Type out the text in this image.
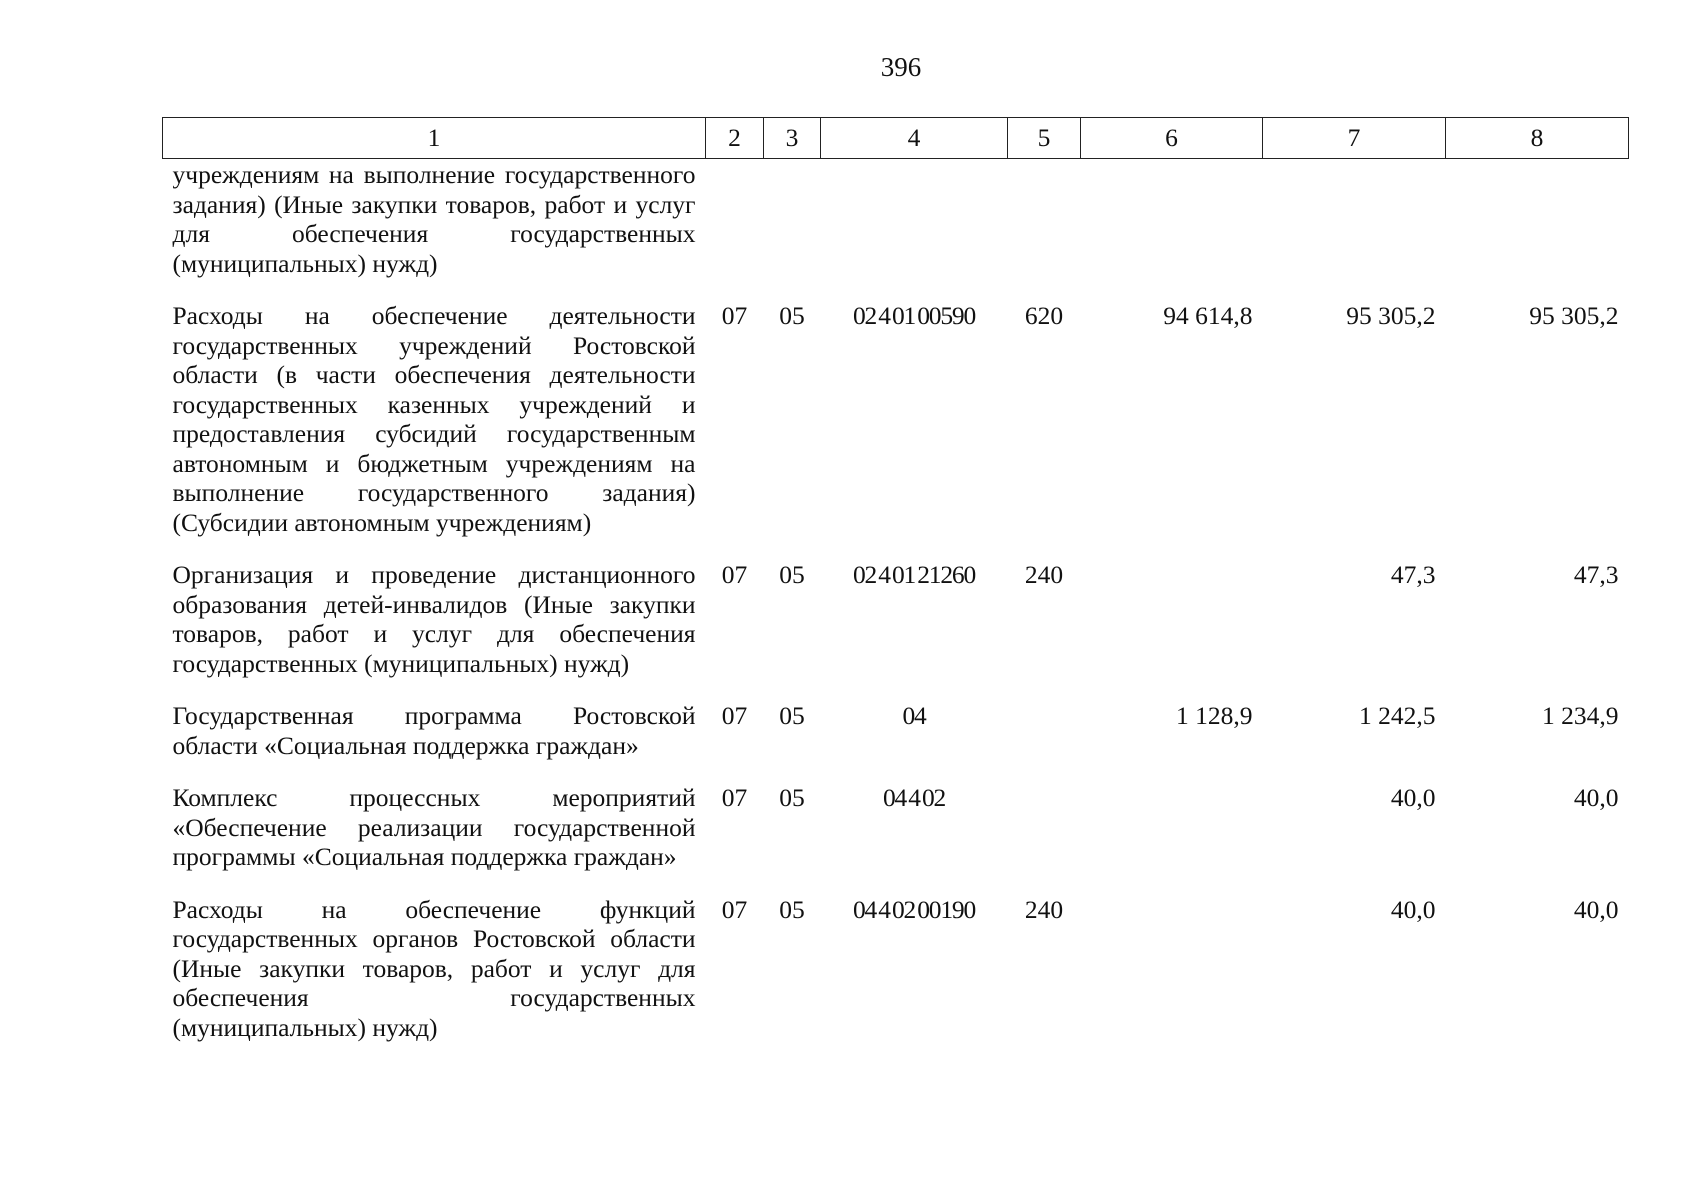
396
1	2	3	4	5	6	7	8
учреждениям на выполнение государственного задания) (Иные закупки товаров, работ и услуг для обеспечения государственных (муниципальных) нужд)							
Расходы на обеспечение деятельности государственных учреждений Ростовской области (в части обеспечения деятельности государственных казенных учреждений и предоставления субсидий государственным автономным и бюджетным учреждениям на выполнение государственного задания) (Субсидии автономным учреждениям)	07	05	02 4 01 00590	620	94 614,8	95 305,2	95 305,2
Организация и проведение дистанционного образования детей-инвалидов (Иные закупки товаров, работ и услуг для обеспечения государственных (муниципальных) нужд)	07	05	02 4 01 21260	240		47,3	47,3
Государственная программа Ростовской области «Социальная поддержка граждан»	07	05	04		1 128,9	1 242,5	1 234,9
Комплекс процессных мероприятий «Обеспечение реализации государственной программы «Социальная поддержка граждан»	07	05	04 4 02			40,0	40,0
Расходы на обеспечение функций государственных органов Ростовской области (Иные закупки товаров, работ и услуг для обеспечения государственных (муниципальных) нужд)	07	05	04 4 02 00190	240		40,0	40,0
